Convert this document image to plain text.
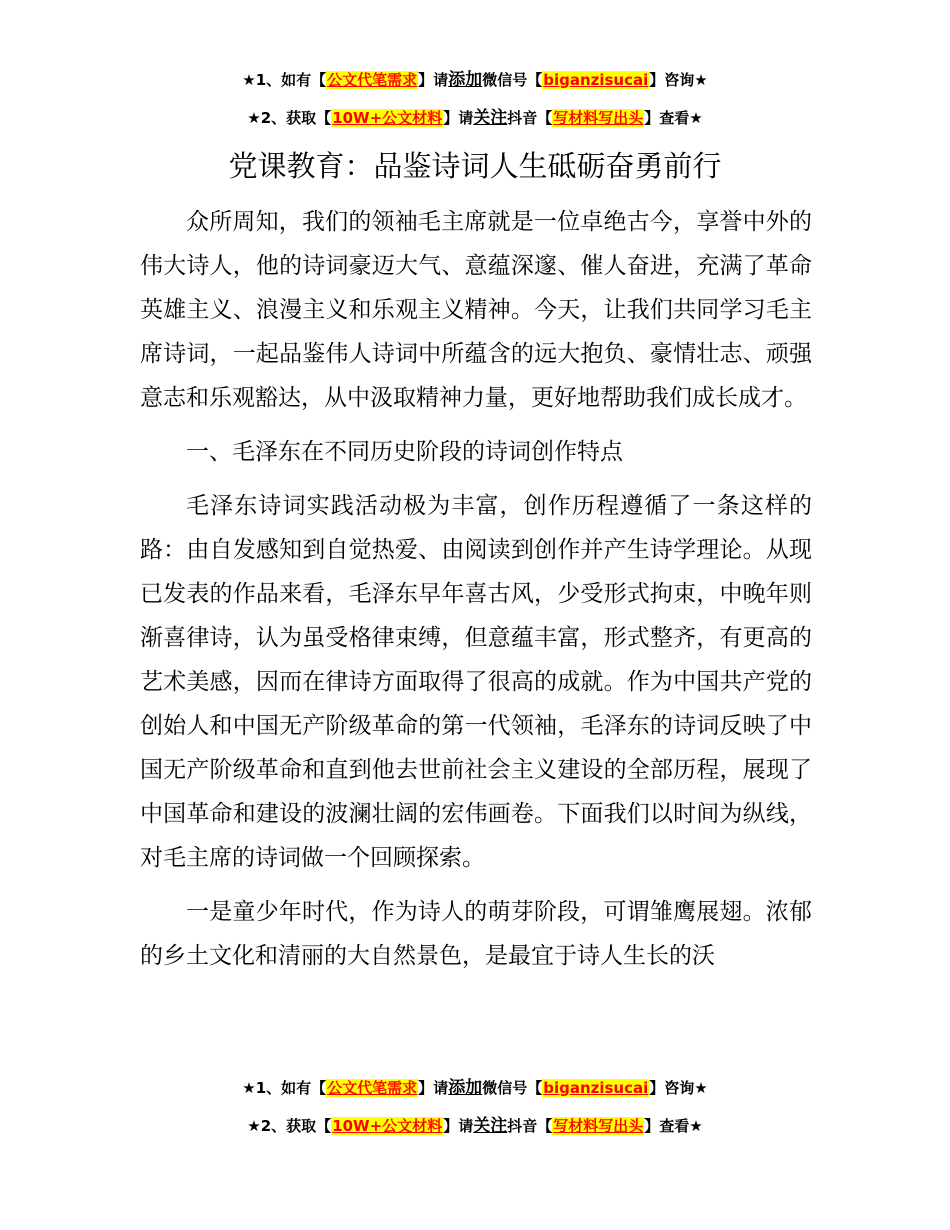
★1、如有【公文代笔需求】请添加微信号【biganzisucai】咨询★
★2、获取【10W+公文材料】请关注抖音【写材料写出头】查看★
党课教育：品鉴诗词人生砥砺奋勇前行

众所周知，我们的领袖毛主席就是一位卓绝古今，享誉中外的伟大诗人，他的诗词豪迈大气、意蕴深邃、催人奋进，充满了革命英雄主义、浪漫主义和乐观主义精神。今天，让我们共同学习毛主席诗词，一起品鉴伟人诗词中所蕴含的远大抱负、豪情壮志、顽强意志和乐观豁达，从中汲取精神力量，更好地帮助我们成长成才。

一、毛泽东在不同历史阶段的诗词创作特点

毛泽东诗词实践活动极为丰富，创作历程遵循了一条这样的路：由自发感知到自觉热爱、由阅读到创作并产生诗学理论。从现已发表的作品来看，毛泽东早年喜古风，少受形式拘束，中晚年则渐喜律诗，认为虽受格律束缚，但意蕴丰富，形式整齐，有更高的艺术美感，因而在律诗方面取得了很高的成就。作为中国共产党的创始人和中国无产阶级革命的第一代领袖，毛泽东的诗词反映了中国无产阶级革命和直到他去世前社会主义建设的全部历程，展现了中国革命和建设的波澜壮阔的宏伟画卷。下面我们以时间为纵线，对毛主席的诗词做一个回顾探索。

一是童少年时代，作为诗人的萌芽阶段，可谓雏鹰展翅。浓郁的乡土文化和清丽的大自然景色，是最宜于诗人生长的沃

★1、如有【公文代笔需求】请添加微信号【biganzisucai】咨询★
★2、获取【10W+公文材料】请关注抖音【写材料写出头】查看★
